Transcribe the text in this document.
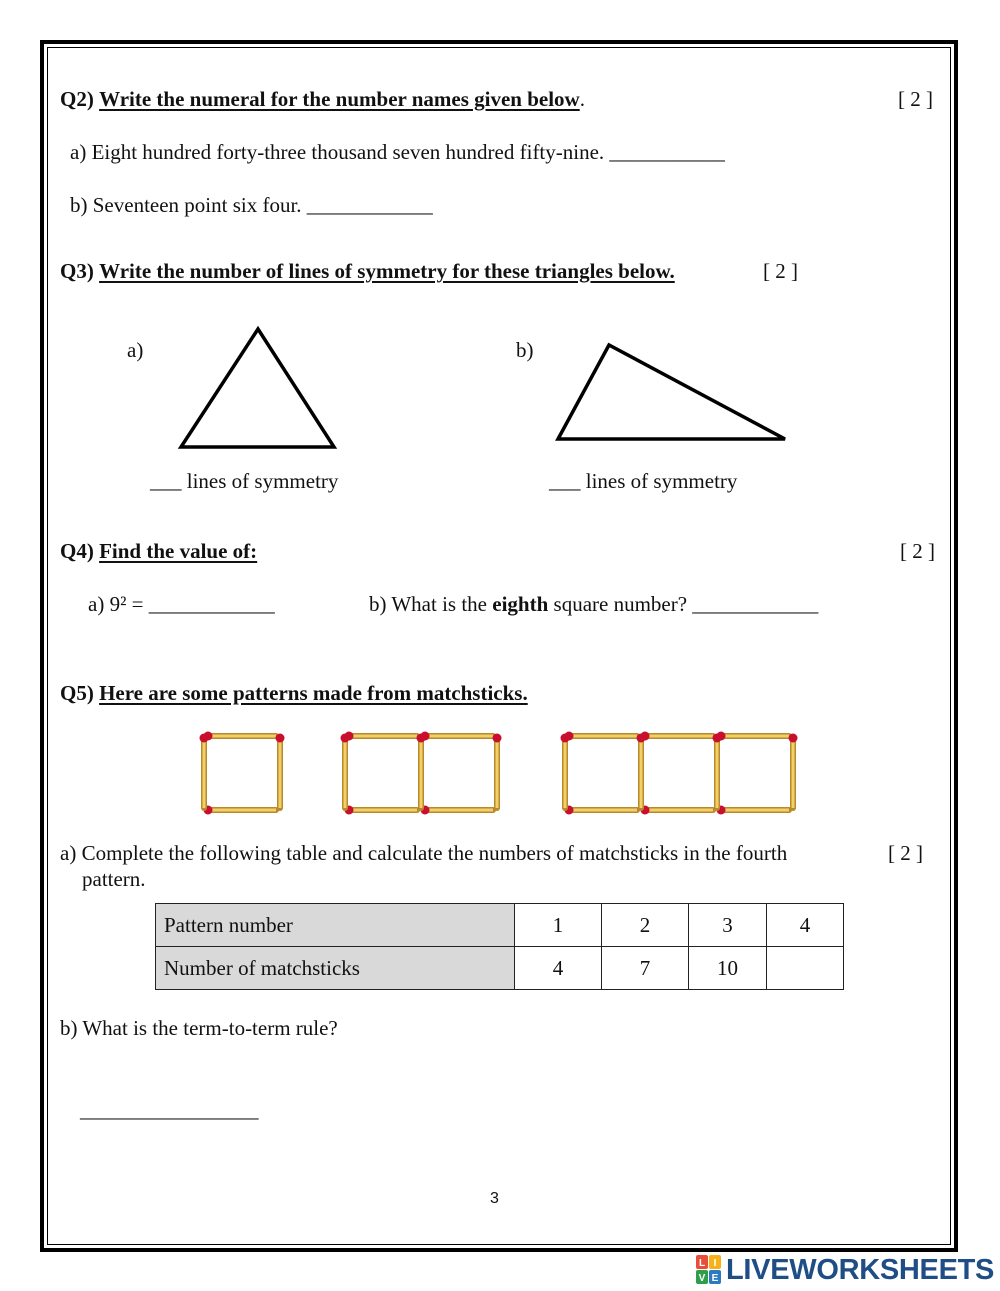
Q2) Write the numeral for the number names given below.	[ 2 ]
a) Eight hundred forty-three thousand seven hundred fifty-nine. ___________
b) Seventeen point six four. ____________
Q3) Write the number of lines of symmetry for these triangles below.	[ 2 ]
a)	b)
___ lines of symmetry	___ lines of symmetry
Q4) Find the value of:	[ 2 ]
a) 9² = ____________	b) What is the eighth square number? ____________
Q5) Here are some patterns made from matchsticks.
a) Complete the following table and calculate the numbers of matchsticks in the fourth
pattern.
[ 2 ]
Pattern number	1	2	3	4
Number of matchsticks	4	7	10	
b) What is the term-to-term rule?
_________________
3
L I
V E LIVEWORKSHEETS
